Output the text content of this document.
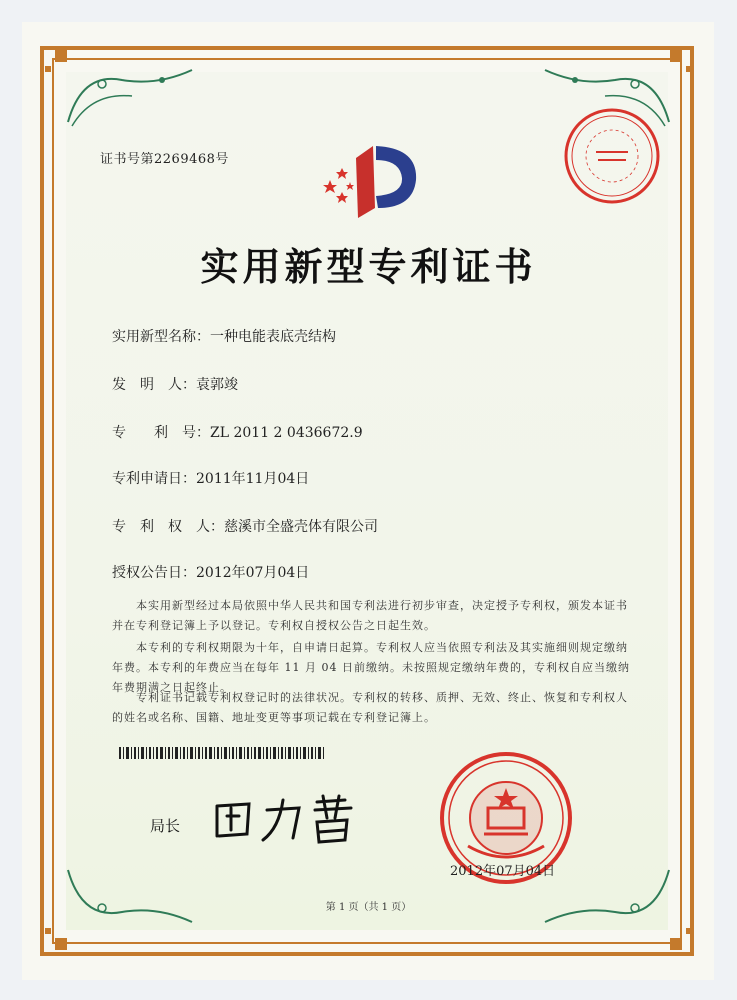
证书号第2269468号
实用新型专利证书
实用新型名称：一种电能表底壳结构
发　明　人：袁郭竣
专　　利　号：ZL 2011 2 0436672.9
专利申请日：2011年11月04日
专　利　权　人：慈溪市全盛壳体有限公司
授权公告日：2012年07月04日
本实用新型经过本局依照中华人民共和国专利法进行初步审查，决定授予专利权，颁发本证书并在专利登记簿上予以登记。专利权自授权公告之日起生效。
本专利的专利权期限为十年，自申请日起算。专利权人应当依照专利法及其实施细则规定缴纳年费。本专利的年费应当在每年 11 月 04 日前缴纳。未按照规定缴纳年费的，专利权自应当缴纳年费期满之日起终止。
专利证书记载专利权登记时的法律状况。专利权的转移、质押、无效、终止、恢复和专利权人的姓名或名称、国籍、地址变更等事项记载在专利登记簿上。
局长
2012年07月04日
第 1 页（共 1 页）
